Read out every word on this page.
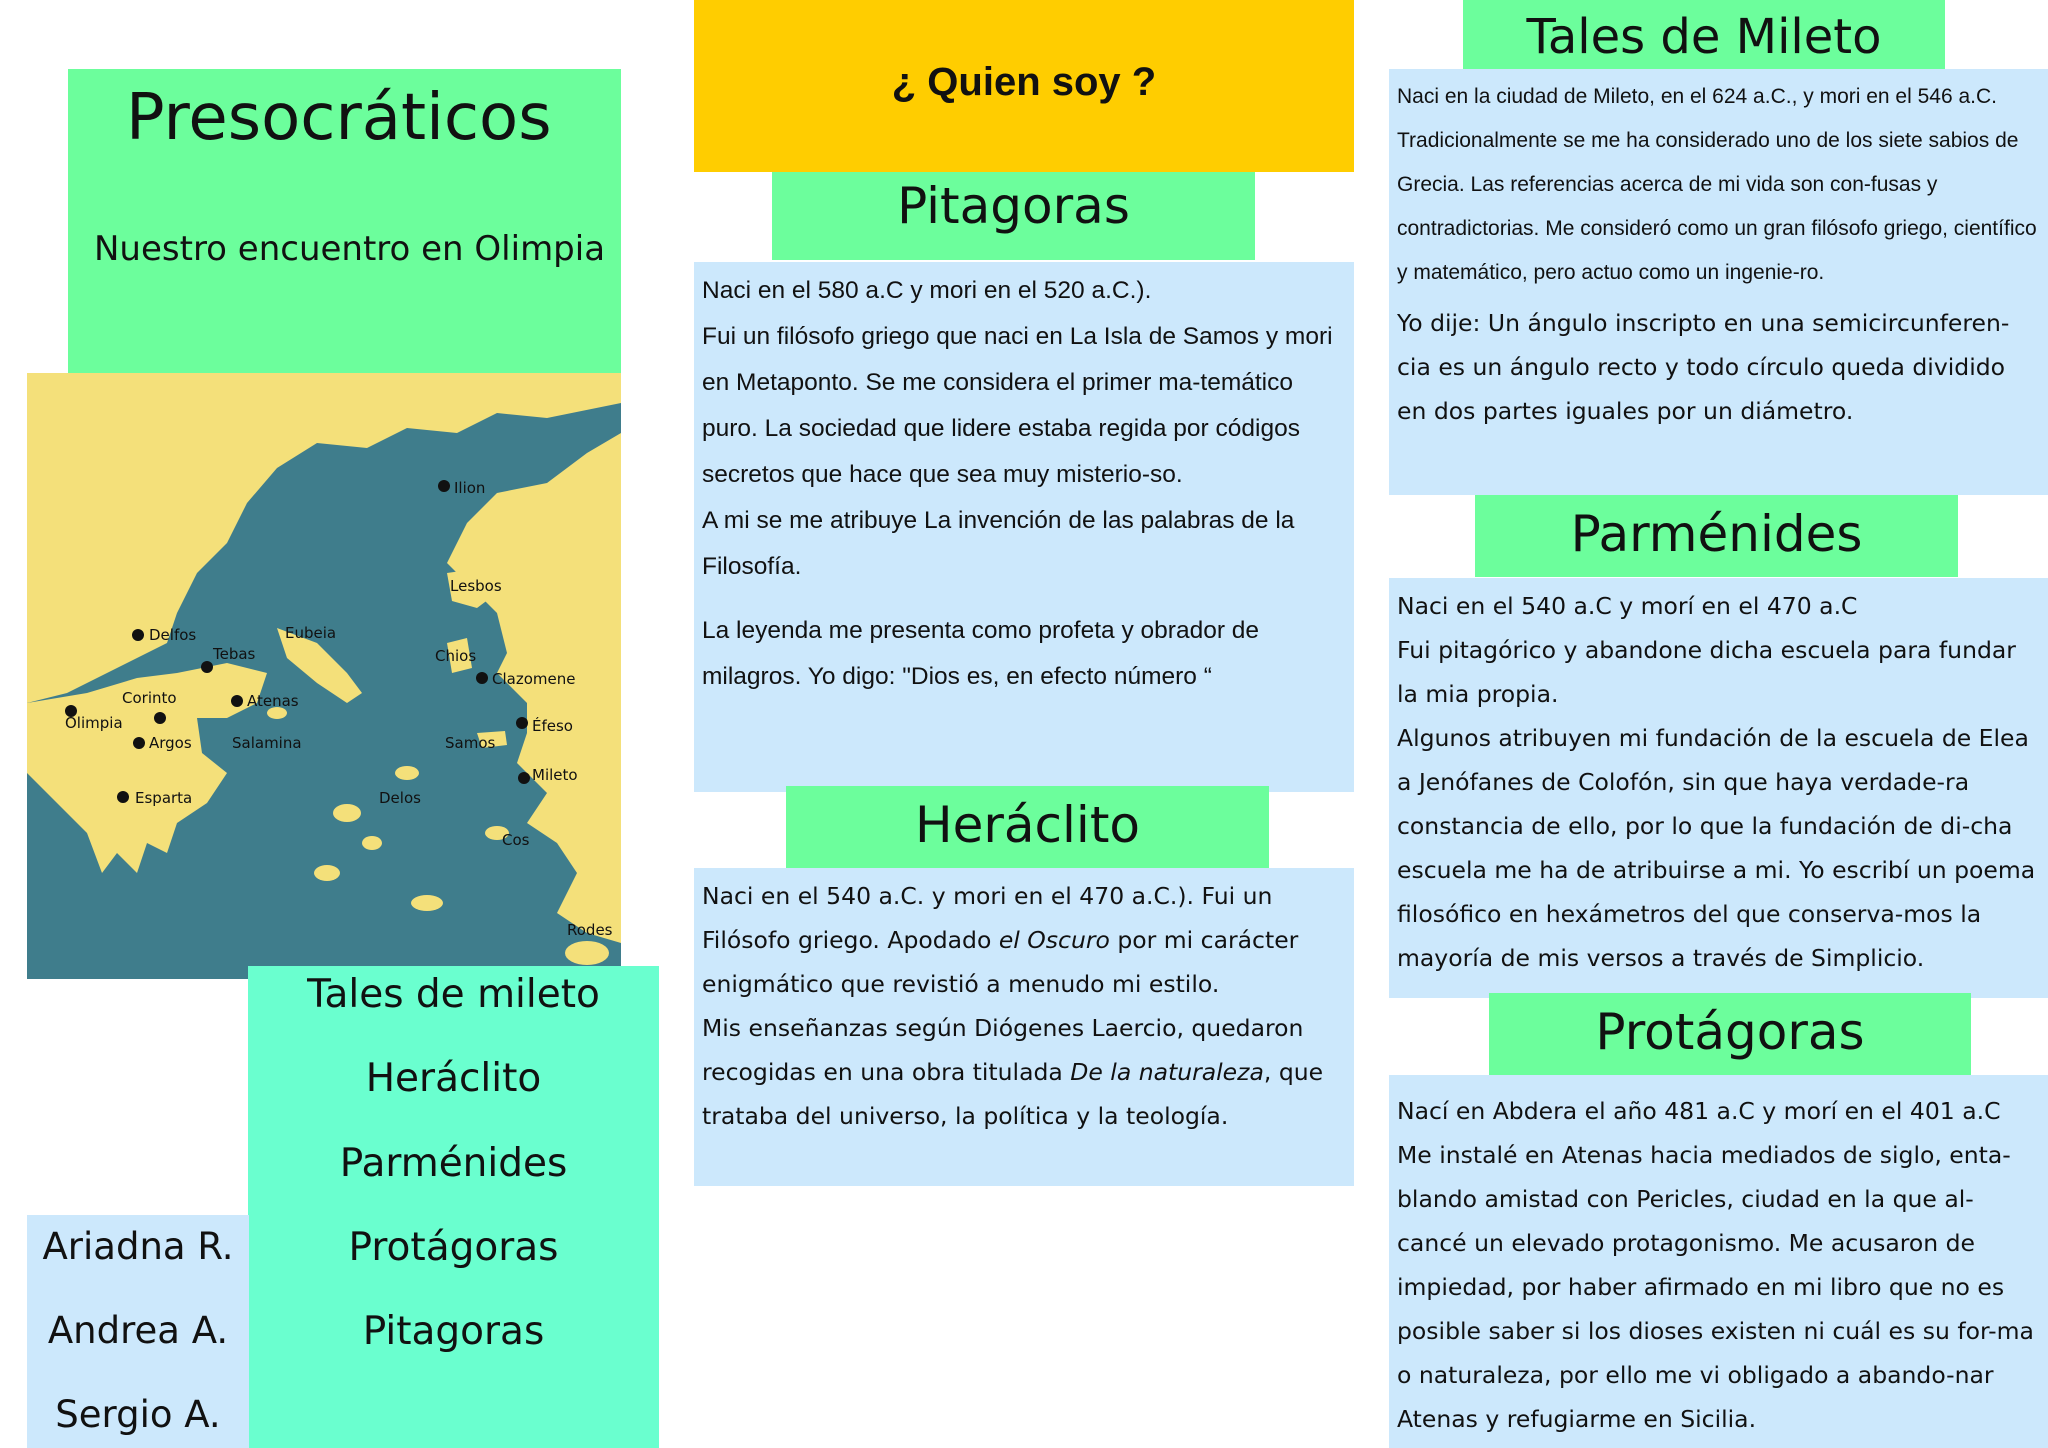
Presocráticos
Nuestro encuentro en Olimpia
Ilion
Lesbos
Eubeia
Delfos
Tebas	Chios
Clazomene
Corinto	Atenas
Olimpia
Argos	Salamina	Samos
Éfeso
Mileto
Esparta	Delos
Cos
Rodes
Tales de mileto
Heráclito
Parménides
Protágoras
Pitagoras
Ariadna R.
Andrea A.
Sergio A.
¿ Quien soy ?
Pitagoras

Naci en el 580 a.C y mori en el 520 a.C.).

Fui un filósofo griego que naci en La Isla de Samos y mori en Metaponto. Se me considera el primer ma-temático puro. La sociedad que lidere estaba regida por códigos secretos que hace que sea muy misterio-so.

A mi se me atribuye La invención de las palabras de la Filosofía.

La leyenda me presenta como profeta y obrador de milagros. Yo digo: "Dios es, en efecto número “

Heráclito

Naci en el 540 a.C. y mori en el 470 a.C.). Fui un Filósofo griego. Apodado el Oscuro por mi carácter enigmático que revistió a menudo mi estilo.

Mis enseñanzas según Diógenes Laercio, quedaron recogidas en una obra titulada De la naturaleza, que trataba del universo, la política y la teología.

Tales de Mileto

Naci en la ciudad de Mileto, en el 624 a.C., y mori en el 546 a.C. Tradicionalmente se me ha considerado uno de los siete sabios de Grecia. Las referencias acerca de mi vida son con-fusas y contradictorias. Me consideró como un gran filósofo griego, científico y matemático, pero actuo como un ingenie-ro.

Yo dije: Un ángulo inscripto en una semicircunferen-cia es un ángulo recto y todo círculo queda dividido en dos partes iguales por un diámetro.

Parménides

Naci en el 540 a.C y morí en el 470 a.C

Fui pitagórico y abandone dicha escuela para fundar la mia propia.

Algunos atribuyen mi fundación de la escuela de Elea a Jenófanes de Colofón, sin que haya verdade-ra constancia de ello, por lo que la fundación de di-cha escuela me ha de atribuirse a mi. Yo escribí un poema filosófico en hexámetros del que conserva-mos la mayoría de mis versos a través de Simplicio.

Protágoras

Nací en Abdera el año 481 a.C y morí en el 401 a.C

Me instalé en Atenas hacia mediados de siglo, enta-blando amistad con Pericles, ciudad en la que al-cancé un elevado protagonismo. Me acusaron de impiedad, por haber afirmado en mi libro que no es posible saber si los dioses existen ni cuál es su for-ma o naturaleza, por ello me vi obligado a abando-nar Atenas y refugiarme en Sicilia.
